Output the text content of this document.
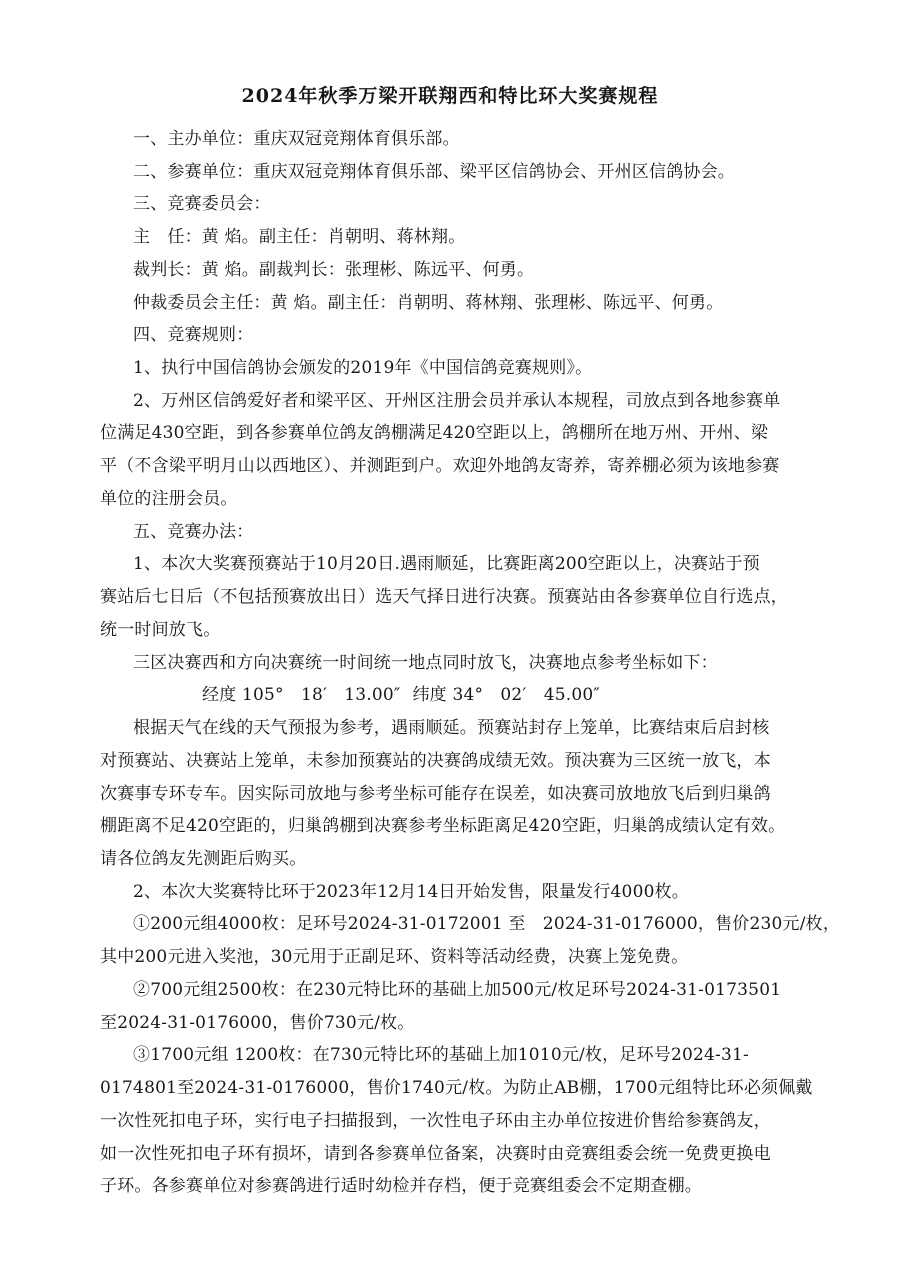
2024年秋季万梁开联翔西和特比环大奖赛规程
一、主办单位：重庆双冠竞翔体育俱乐部。
二、参赛单位：重庆双冠竞翔体育俱乐部、梁平区信鸽协会、开州区信鸽协会。
三、竞赛委员会：
主　任：黄 焰。副主任：肖朝明、蒋林翔。
裁判长：黄 焰。副裁判长：张理彬、陈远平、何勇。
仲裁委员会主任：黄 焰。副主任：肖朝明、蒋林翔、张理彬、陈远平、何勇。
四、竞赛规则：
1、执行中国信鸽协会颁发的2019年《中国信鸽竞赛规则》。
2、万州区信鸽爱好者和梁平区、开州区注册会员并承认本规程，司放点到各地参赛单
位满足430空距，到各参赛单位鸽友鸽棚满足420空距以上，鸽棚所在地万州、开州、梁
平（不含梁平明月山以西地区）、并测距到户。欢迎外地鸽友寄养，寄养棚必须为该地参赛
单位的注册会员。
五、竞赛办法：
1、本次大奖赛预赛站于10月20日.遇雨顺延，比赛距离200空距以上，决赛站于预
赛站后七日后（不包括预赛放出日）选天气择日进行决赛。预赛站由各参赛单位自行选点，
统一时间放飞。
三区决赛西和方向决赛统一时间统一地点同时放飞，决赛地点参考坐标如下：
经度 105°　18′　13.00″ 纬度 34°　02′　45.00″
根据天气在线的天气预报为参考，遇雨顺延。预赛站封存上笼单，比赛结束后启封核
对预赛站、决赛站上笼单，未参加预赛站的决赛鸽成绩无效。预决赛为三区统一放飞，本
次赛事专环专车。因实际司放地与参考坐标可能存在误差，如决赛司放地放飞后到归巢鸽
棚距离不足420空距的，归巢鸽棚到决赛参考坐标距离足420空距，归巢鸽成绩认定有效。
请各位鸽友先测距后购买。
2、本次大奖赛特比环于2023年12月14日开始发售，限量发行4000枚。
①200元组4000枚：足环号2024-31-0172001 至　2024-31-0176000，售价230元/枚，
其中200元进入奖池，30元用于正副足环、资料等活动经费，决赛上笼免费。
②700元组2500枚：在230元特比环的基础上加500元/枚足环号2024-31-0173501
至2024-31-0176000，售价730元/枚。
③1700元组 1200枚：在730元特比环的基础上加1010元/枚，足环号2024-31-
0174801至2024-31-0176000，售价1740元/枚。为防止AB棚，1700元组特比环必须佩戴
一次性死扣电子环，实行电子扫描报到，一次性电子环由主办单位按进价售给参赛鸽友，
如一次性死扣电子环有损坏，请到各参赛单位备案，决赛时由竞赛组委会统一免费更换电
子环。各参赛单位对参赛鸽进行适时幼检并存档，便于竞赛组委会不定期查棚。
